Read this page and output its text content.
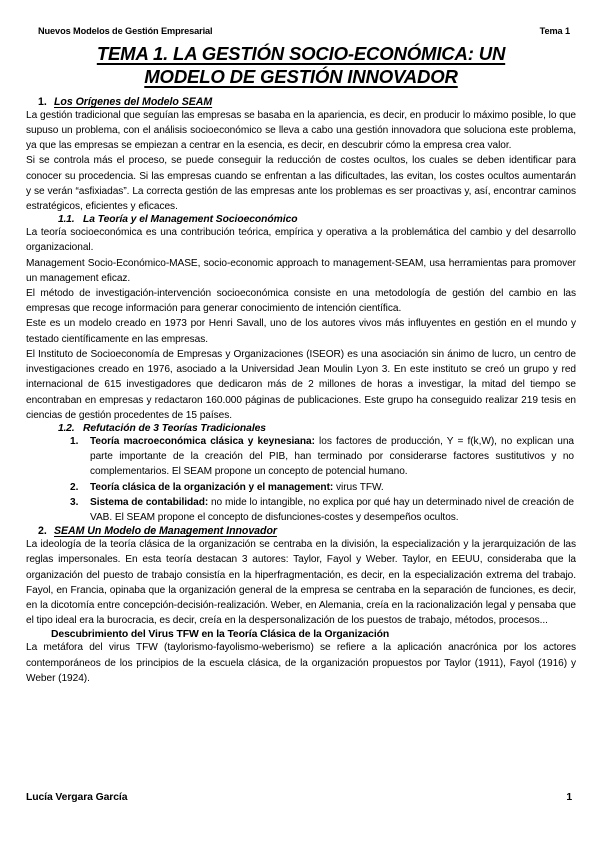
Nuevos Modelos de Gestión Empresarial	Tema 1
TEMA 1. LA GESTIÓN SOCIO-ECONÓMICA: UN
MODELO DE GESTIÓN INNOVADOR
1. Los Orígenes del Modelo SEAM

La gestión tradicional que seguían las empresas se basaba en la apariencia, es decir, en producir lo máximo posible, lo que supuso un problema, con el análisis socioeconómico se lleva a cabo una gestión innovadora que soluciona este problema, ya que las empresas se empiezan a centrar en la esencia, es decir, en descubrir cómo la empresa crea valor.

Si se controla más el proceso, se puede conseguir la reducción de costes ocultos, los cuales se deben identificar para conocer su procedencia. Si las empresas cuando se enfrentan a las dificultades, las evitan, los costes ocultos aumentarán y se verán “asfixiadas”. La correcta gestión de las empresas ante los problemas es ser proactivas y, así, encontrar caminos estratégicos, eficientes y eficaces.

1.1. La Teoría y el Management Socioeconómico

La teoría socioeconómica es una contribución teórica, empírica y operativa a la problemática del cambio y del desarrollo organizacional.

Management Socio-Económico-MASE, socio-economic approach to management-SEAM, usa herramientas para promover un management eficaz.

El método de investigación-intervención socioeconómica consiste en una metodología de gestión del cambio en las empresas que recoge información para generar conocimiento de intención científica.

Este es un modelo creado en 1973 por Henri Savall, uno de los autores vivos más influyentes en gestión en el mundo y testado científicamente en las empresas.

El Instituto de Socioeconomía de Empresas y Organizaciones (ISEOR) es una asociación sin ánimo de lucro, un centro de investigaciones creado en 1976, asociado a la Universidad Jean Moulin Lyon 3. En este instituto se creó un grupo y red internacional de 615 investigadores que dedicaron más de 2 millones de horas a investigar, la mitad del tiempo se encontraban en empresas y redactaron 160.000 páginas de publicaciones. Este grupo ha conseguido realizar 219 tesis en ciencias de gestión procedentes de 15 países.

1.2. Refutación de 3 Teorías Tradicionales
1.	Teoría macroeconómica clásica y keynesiana: los factores de producción, Y = f(k,W), no explican una parte importante de la creación del PIB, han terminado por considerarse factores sustitutivos y no complementarios. El SEAM propone un concepto de potencial humano.
2.	Teoría clásica de la organización y el management: virus TFW.
3.	Sistema de contabilidad: no mide lo intangible, no explica por qué hay un determinado nivel de creación de VAB. El SEAM propone el concepto de disfunciones-costes y desempeños ocultos.
2. SEAM Un Modelo de Management Innovador

La ideología de la teoría clásica de la organización se centraba en la división, la especialización y la jerarquización de las reglas impersonales. En esta teoría destacan 3 autores: Taylor, Fayol y Weber. Taylor, en EEUU, consideraba que la organización del puesto de trabajo consistía en la hiperfragmentación, es decir, en la especialización extrema del trabajo. Fayol, en Francia, opinaba que la organización general de la empresa se centraba en la separación de funciones, es decir, en la dicotomía entre concepción-decisión-realización. Weber, en Alemania, creía en la racionalización legal y pensaba que el tipo ideal era la burocracia, es decir, creía en la despersonalización de los puestos de trabajo, métodos, procesos...

Descubrimiento del Virus TFW en la Teoría Clásica de la Organización

La metáfora del virus TFW (taylorismo-fayolismo-weberismo) se refiere a la aplicación anacrónica por los actores contemporáneos de los principios de la escuela clásica, de la organización propuestos por Taylor (1911), Fayol (1916) y Weber (1924).

Lucía Vergara García	1
